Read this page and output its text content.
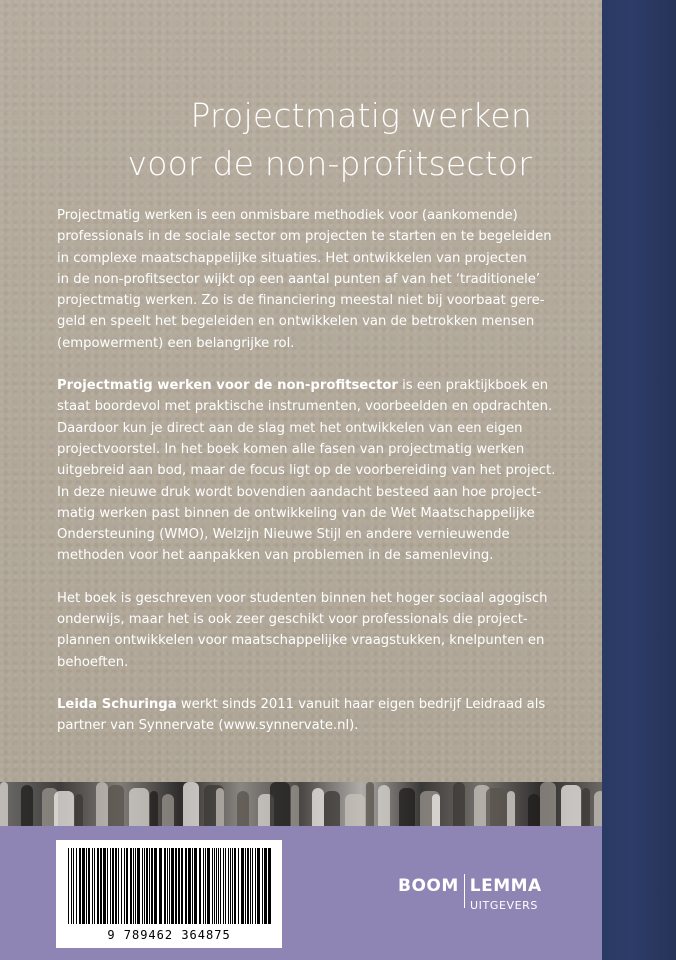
Projectmatig werken
voor de non-profitsector

Projectmatig werken is een onmisbare methodiek voor (aankomende)
professionals in de sociale sector om projecten te starten en te begeleiden
in complexe maatschappelijke situaties. Het ontwikkelen van projecten
in de non-profitsector wijkt op een aantal punten af van het ‘traditionele’
projectmatig werken. Zo is de financiering meestal niet bij voorbaat gere-
geld en speelt het begeleiden en ontwikkelen van de betrokken mensen
(empowerment) een belangrijke rol.

Projectmatig werken voor de non-profitsector is een praktijkboek en
staat boordevol met praktische instrumenten, voorbeelden en opdrachten.
Daardoor kun je direct aan de slag met het ontwikkelen van een eigen
projectvoorstel. In het boek komen alle fasen van projectmatig werken
uitgebreid aan bod, maar de focus ligt op de voorbereiding van het project.
In deze nieuwe druk wordt bovendien aandacht besteed aan hoe project-
matig werken past binnen de ontwikkeling van de Wet Maatschappelijke
Ondersteuning (WMO), Welzijn Nieuwe Stijl en andere vernieuwende
methoden voor het aanpakken van problemen in de samenleving.

Het boek is geschreven voor studenten binnen het hoger sociaal agogisch
onderwijs, maar het is ook zeer geschikt voor professionals die project-
plannen ontwikkelen voor maatschappelijke vraagstukken, knelpunten en
behoeften.

Leida Schuringa werkt sinds 2011 vanuit haar eigen bedrijf Leidraad als
partner van Synnervate (www.synnervate.nl).

9 789462 364875
BOOM LEMMA
UITGEVERS
